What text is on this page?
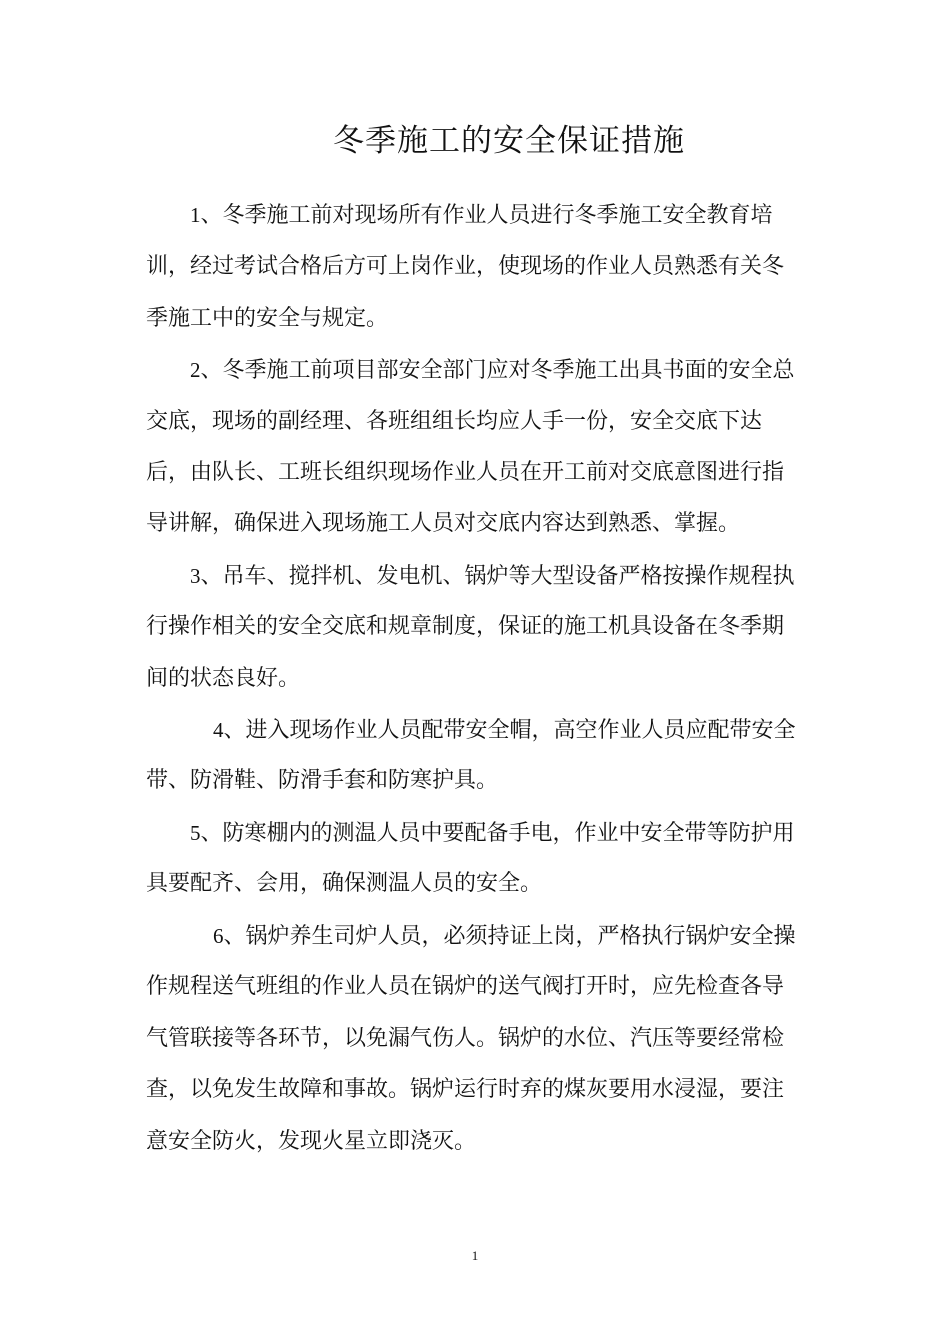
冬季施工的安全保证措施
1、冬季施工前对现场所有作业人员进行冬季施工安全教育培
训，经过考试合格后方可上岗作业，使现场的作业人员熟悉有关冬
季施工中的安全与规定。
2、冬季施工前项目部安全部门应对冬季施工出具书面的安全总
交底，现场的副经理、各班组组长均应人手一份，安全交底下达
后，由队长、工班长组织现场作业人员在开工前对交底意图进行指
导讲解，确保进入现场施工人员对交底内容达到熟悉、掌握。
3、吊车、搅拌机、发电机、锅炉等大型设备严格按操作规程执
行操作相关的安全交底和规章制度，保证的施工机具设备在冬季期
间的状态良好。
4、进入现场作业人员配带安全帽，高空作业人员应配带安全
带、防滑鞋、防滑手套和防寒护具。
5、防寒棚内的测温人员中要配备手电，作业中安全带等防护用
具要配齐、会用，确保测温人员的安全。
6、锅炉养生司炉人员，必须持证上岗，严格执行锅炉安全操
作规程送气班组的作业人员在锅炉的送气阀打开时，应先检查各导
气管联接等各环节，以免漏气伤人。锅炉的水位、汽压等要经常检
查，以免发生故障和事故。锅炉运行时弃的煤灰要用水浸湿，要注
意安全防火，发现火星立即浇灭。
1
